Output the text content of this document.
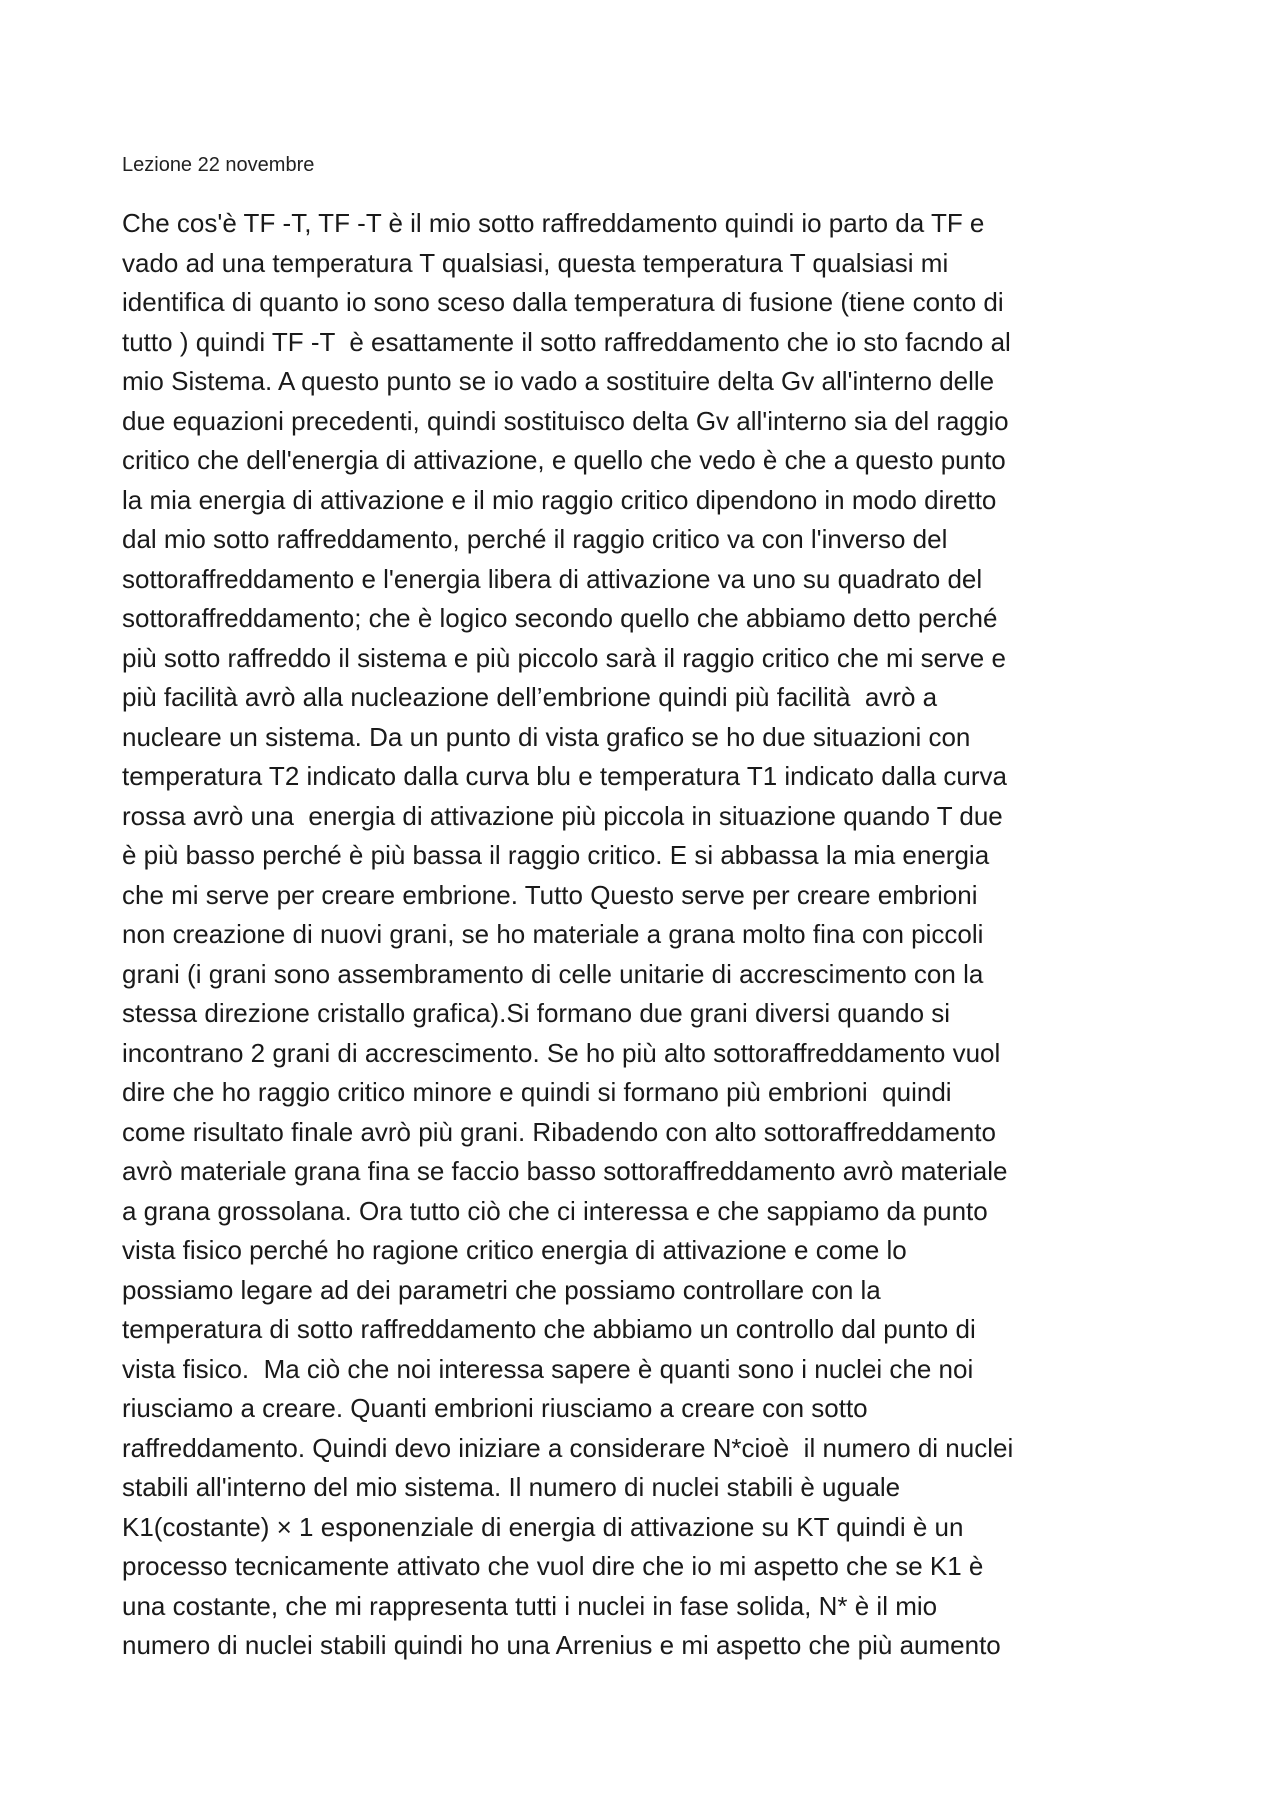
Lezione 22 novembre
Che cos'è TF -T, TF -T è il mio sotto raffreddamento quindi io parto da TF e
vado ad una temperatura T qualsiasi, questa temperatura T qualsiasi mi
identifica di quanto io sono sceso dalla temperatura di fusione (tiene conto di
tutto ) quindi TF -T  è esattamente il sotto raffreddamento che io sto facndo al
mio Sistema. A questo punto se io vado a sostituire delta Gv all'interno delle
due equazioni precedenti, quindi sostituisco delta Gv all'interno sia del raggio
critico che dell'energia di attivazione, e quello che vedo è che a questo punto
la mia energia di attivazione e il mio raggio critico dipendono in modo diretto
dal mio sotto raffreddamento, perché il raggio critico va con l'inverso del
sottoraffreddamento e l'energia libera di attivazione va uno su quadrato del
sottoraffreddamento; che è logico secondo quello che abbiamo detto perché
più sotto raffreddo il sistema e più piccolo sarà il raggio critico che mi serve e
più facilità avrò alla nucleazione dell’embrione quindi più facilità  avrò a
nucleare un sistema. Da un punto di vista grafico se ho due situazioni con
temperatura T2 indicato dalla curva blu e temperatura T1 indicato dalla curva
rossa avrò una  energia di attivazione più piccola in situazione quando T due
è più basso perché è più bassa il raggio critico. E si abbassa la mia energia
che mi serve per creare embrione. Tutto Questo serve per creare embrioni
non creazione di nuovi grani, se ho materiale a grana molto fina con piccoli
grani (i grani sono assembramento di celle unitarie di accrescimento con la
stessa direzione cristallo grafica).Si formano due grani diversi quando si
incontrano 2 grani di accrescimento. Se ho più alto sottoraffreddamento vuol
dire che ho raggio critico minore e quindi si formano più embrioni  quindi
come risultato finale avrò più grani. Ribadendo con alto sottoraffreddamento
avrò materiale grana fina se faccio basso sottoraffreddamento avrò materiale
a grana grossolana. Ora tutto ciò che ci interessa e che sappiamo da punto
vista fisico perché ho ragione critico energia di attivazione e come lo
possiamo legare ad dei parametri che possiamo controllare con la
temperatura di sotto raffreddamento che abbiamo un controllo dal punto di
vista fisico.  Ma ciò che noi interessa sapere è quanti sono i nuclei che noi
riusciamo a creare. Quanti embrioni riusciamo a creare con sotto
raffreddamento. Quindi devo iniziare a considerare N*cioè  il numero di nuclei
stabili all'interno del mio sistema. Il numero di nuclei stabili è uguale
K1(costante) × 1 esponenziale di energia di attivazione su KT quindi è un
processo tecnicamente attivato che vuol dire che io mi aspetto che se K1 è
una costante, che mi rappresenta tutti i nuclei in fase solida, N* è il mio
numero di nuclei stabili quindi ho una Arrenius e mi aspetto che più aumento
